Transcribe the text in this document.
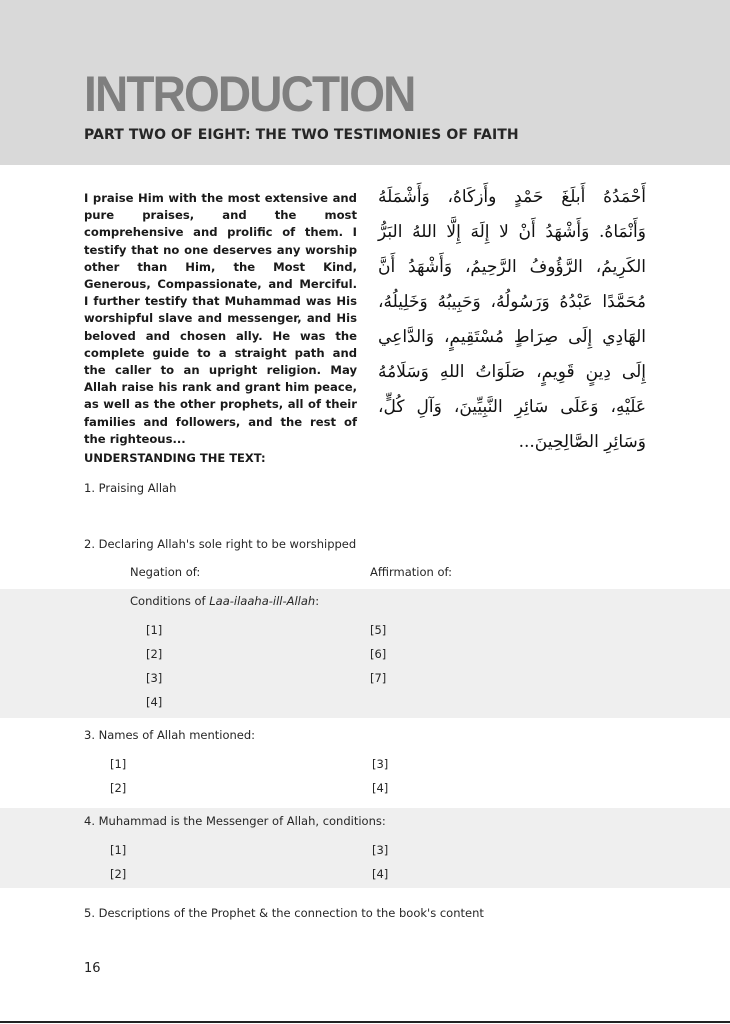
INTRODUCTION
PART TWO OF EIGHT: THE TWO TESTIMONIES OF FAITH
I praise Him with the most extensive and pure praises, and the most comprehensive and prolific of them. I testify that no one deserves any worship other than Him, the Most Kind, Generous, Compassionate, and Merciful. I further testify that Muhammad was His worshipful slave and messenger, and His beloved and chosen ally. He was the complete guide to a straight path and the caller to an upright religion. May Allah raise his rank and grant him peace, as well as the other prophets, all of their families and followers, and the rest of the righteous...
أَحْمَدُهُ أَبلَغَ حَمْدٍ وأَزكَاهُ، وَأَشْمَلَهُ وَأَنْمَاهُ. وَأَشْهَدُ أَنْ لا إِلَهَ إِلَّا اللهُ البَرُّ الكَرِيمُ، الرَّؤُوفُ الرَّحِيمُ، وَأَشْهَدُ أَنَّ مُحَمَّدًا عَبْدُهُ وَرَسُولُهُ، وَحَبِيبُهُ وَخَلِيلُهُ، الهَادِي إِلَى صِرَاطٍ مُسْتَقِيمٍ، وَالدَّاعِي إِلَى دِينٍ قَوِيمٍ، صَلَوَاتُ اللهِ وَسَلَامُهُ عَلَيْهِ، وَعَلَى سَائِرِ النَّبِيِّينَ، وَآلِ كُلٍّ، وَسَائِرِ الصَّالِحِينَ...
UNDERSTANDING THE TEXT:
1. Praising Allah
2. Declaring Allah's sole right to be worshipped
Negation of:	Affirmation of:
Conditions of Laa-ilaaha-ill-Allah:
[1]
[2]
[3]
[4]
[5]
[6]
[7]
3. Names of Allah mentioned:
[1]
[2]
[3]
[4]
4. Muhammad is the Messenger of Allah, conditions:
[1]
[2]
[3]
[4]
5. Descriptions of the Prophet & the connection to the book's content
16
